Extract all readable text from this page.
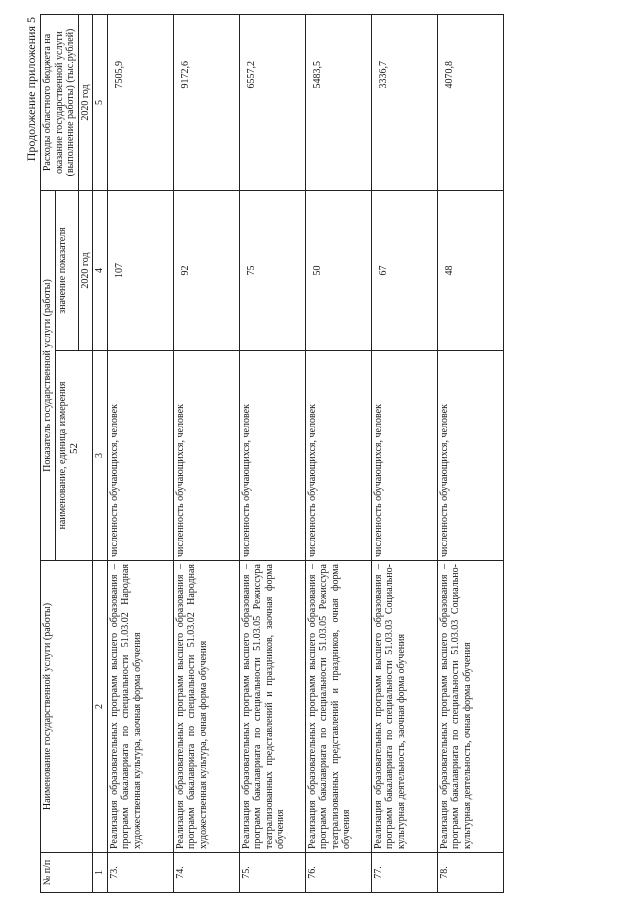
52
Продолжение приложения 5
№ п/п	Наименование государственной услуги (работы)	Показатель государственной услуги (работы)		Расходы областного бюджета на оказание государственной услуги (выполнение работы) (тыс.рублей)
		наименование, единица измерения	значение показателя	
			2020 год	2020 год
1	2	3	4	5
73.	Реализация образовательных программ высшего образования – программ бакалавриата по специальности 51.03.02 Народная художественная культура, заочная форма обучения	численность обучающихся, человек	107	7505,9
74.	Реализация образовательных программ высшего образования – программ бакалавриата по специальности 51.03.02 Народная художественная культура, очная форма обучения	численность обучающихся, человек	92	9172,6
75.	Реализация образовательных программ высшего образования – программ бакалавриата по специальности 51.03.05 Режиссура театрализованных представлений и праздников, заочная форма обучения	численность обучающихся, человек	75	6557,2
76.	Реализация образовательных программ высшего образования – программ бакалавриата по специальности 51.03.05 Режиссура театрализованных представлений и праздников, очная форма обучения	численность обучающихся, человек	50	5483,5
77.	Реализация образовательных программ высшего образования – программ бакалавриата по специальности 51.03.03 Социально-культурная деятельность, заочная форма обучения	численность обучающихся, человек	67	3336,7
78.	Реализация образовательных программ высшего образования – программ бакалавриата по специальности 51.03.03 Социально-культурная деятельность, очная форма обучения	численность обучающихся, человек	48	4070,8
